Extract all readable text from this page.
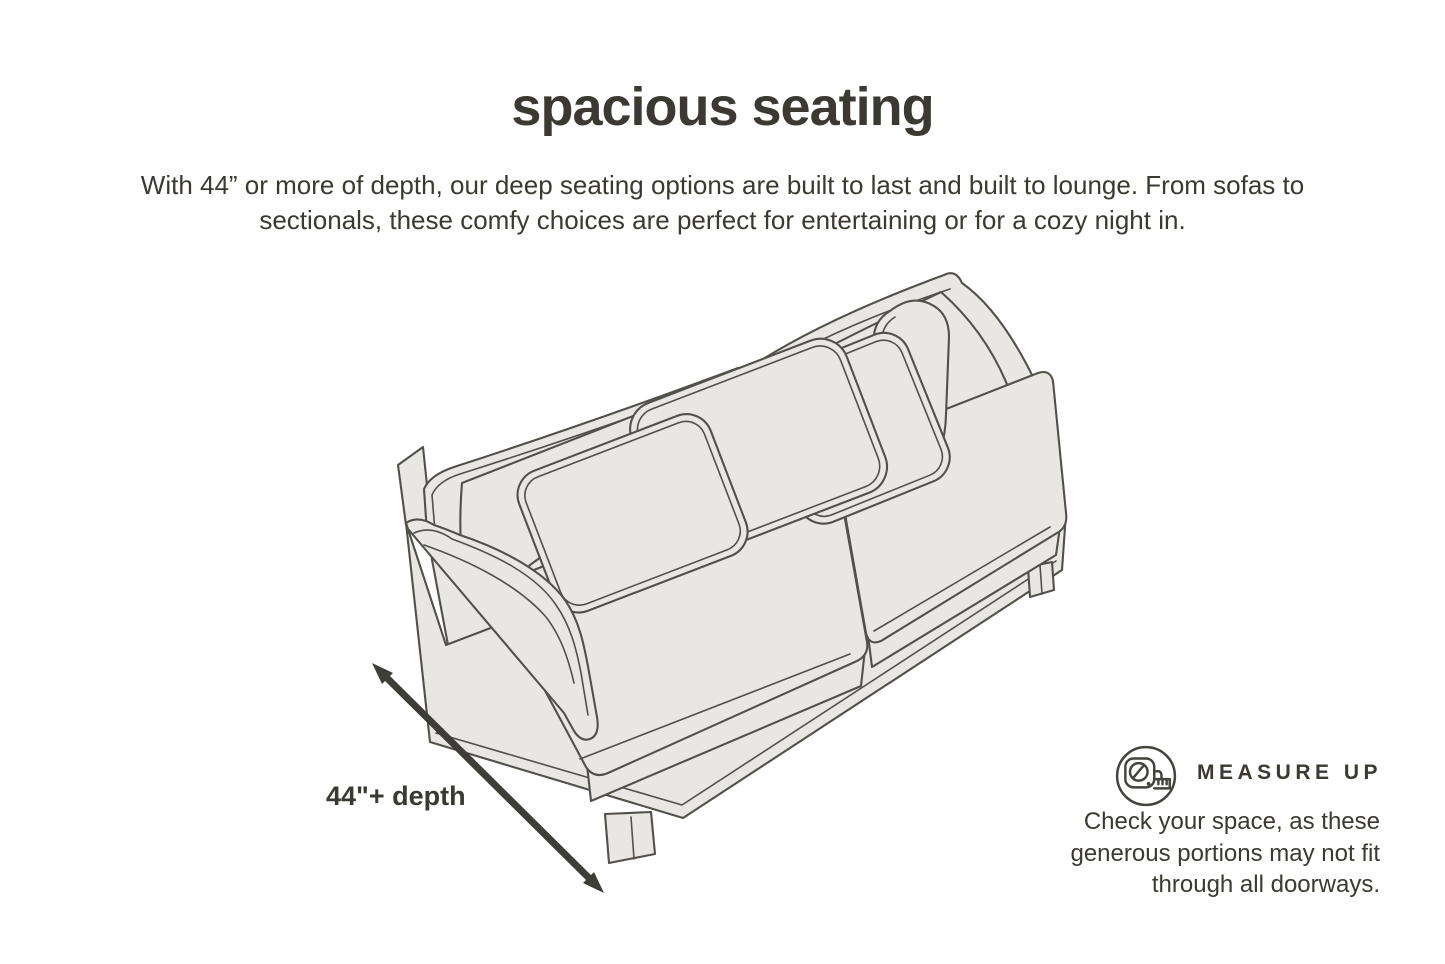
spacious seating

With 44” or more of depth, our deep seating options are built to last and built to lounge. From sofas to sectionals, these comfy choices are perfect for entertaining or for a cozy night in.

44"+ depth
MEASURE UP
Check your space, as these generous portions may not fit through all doorways.
